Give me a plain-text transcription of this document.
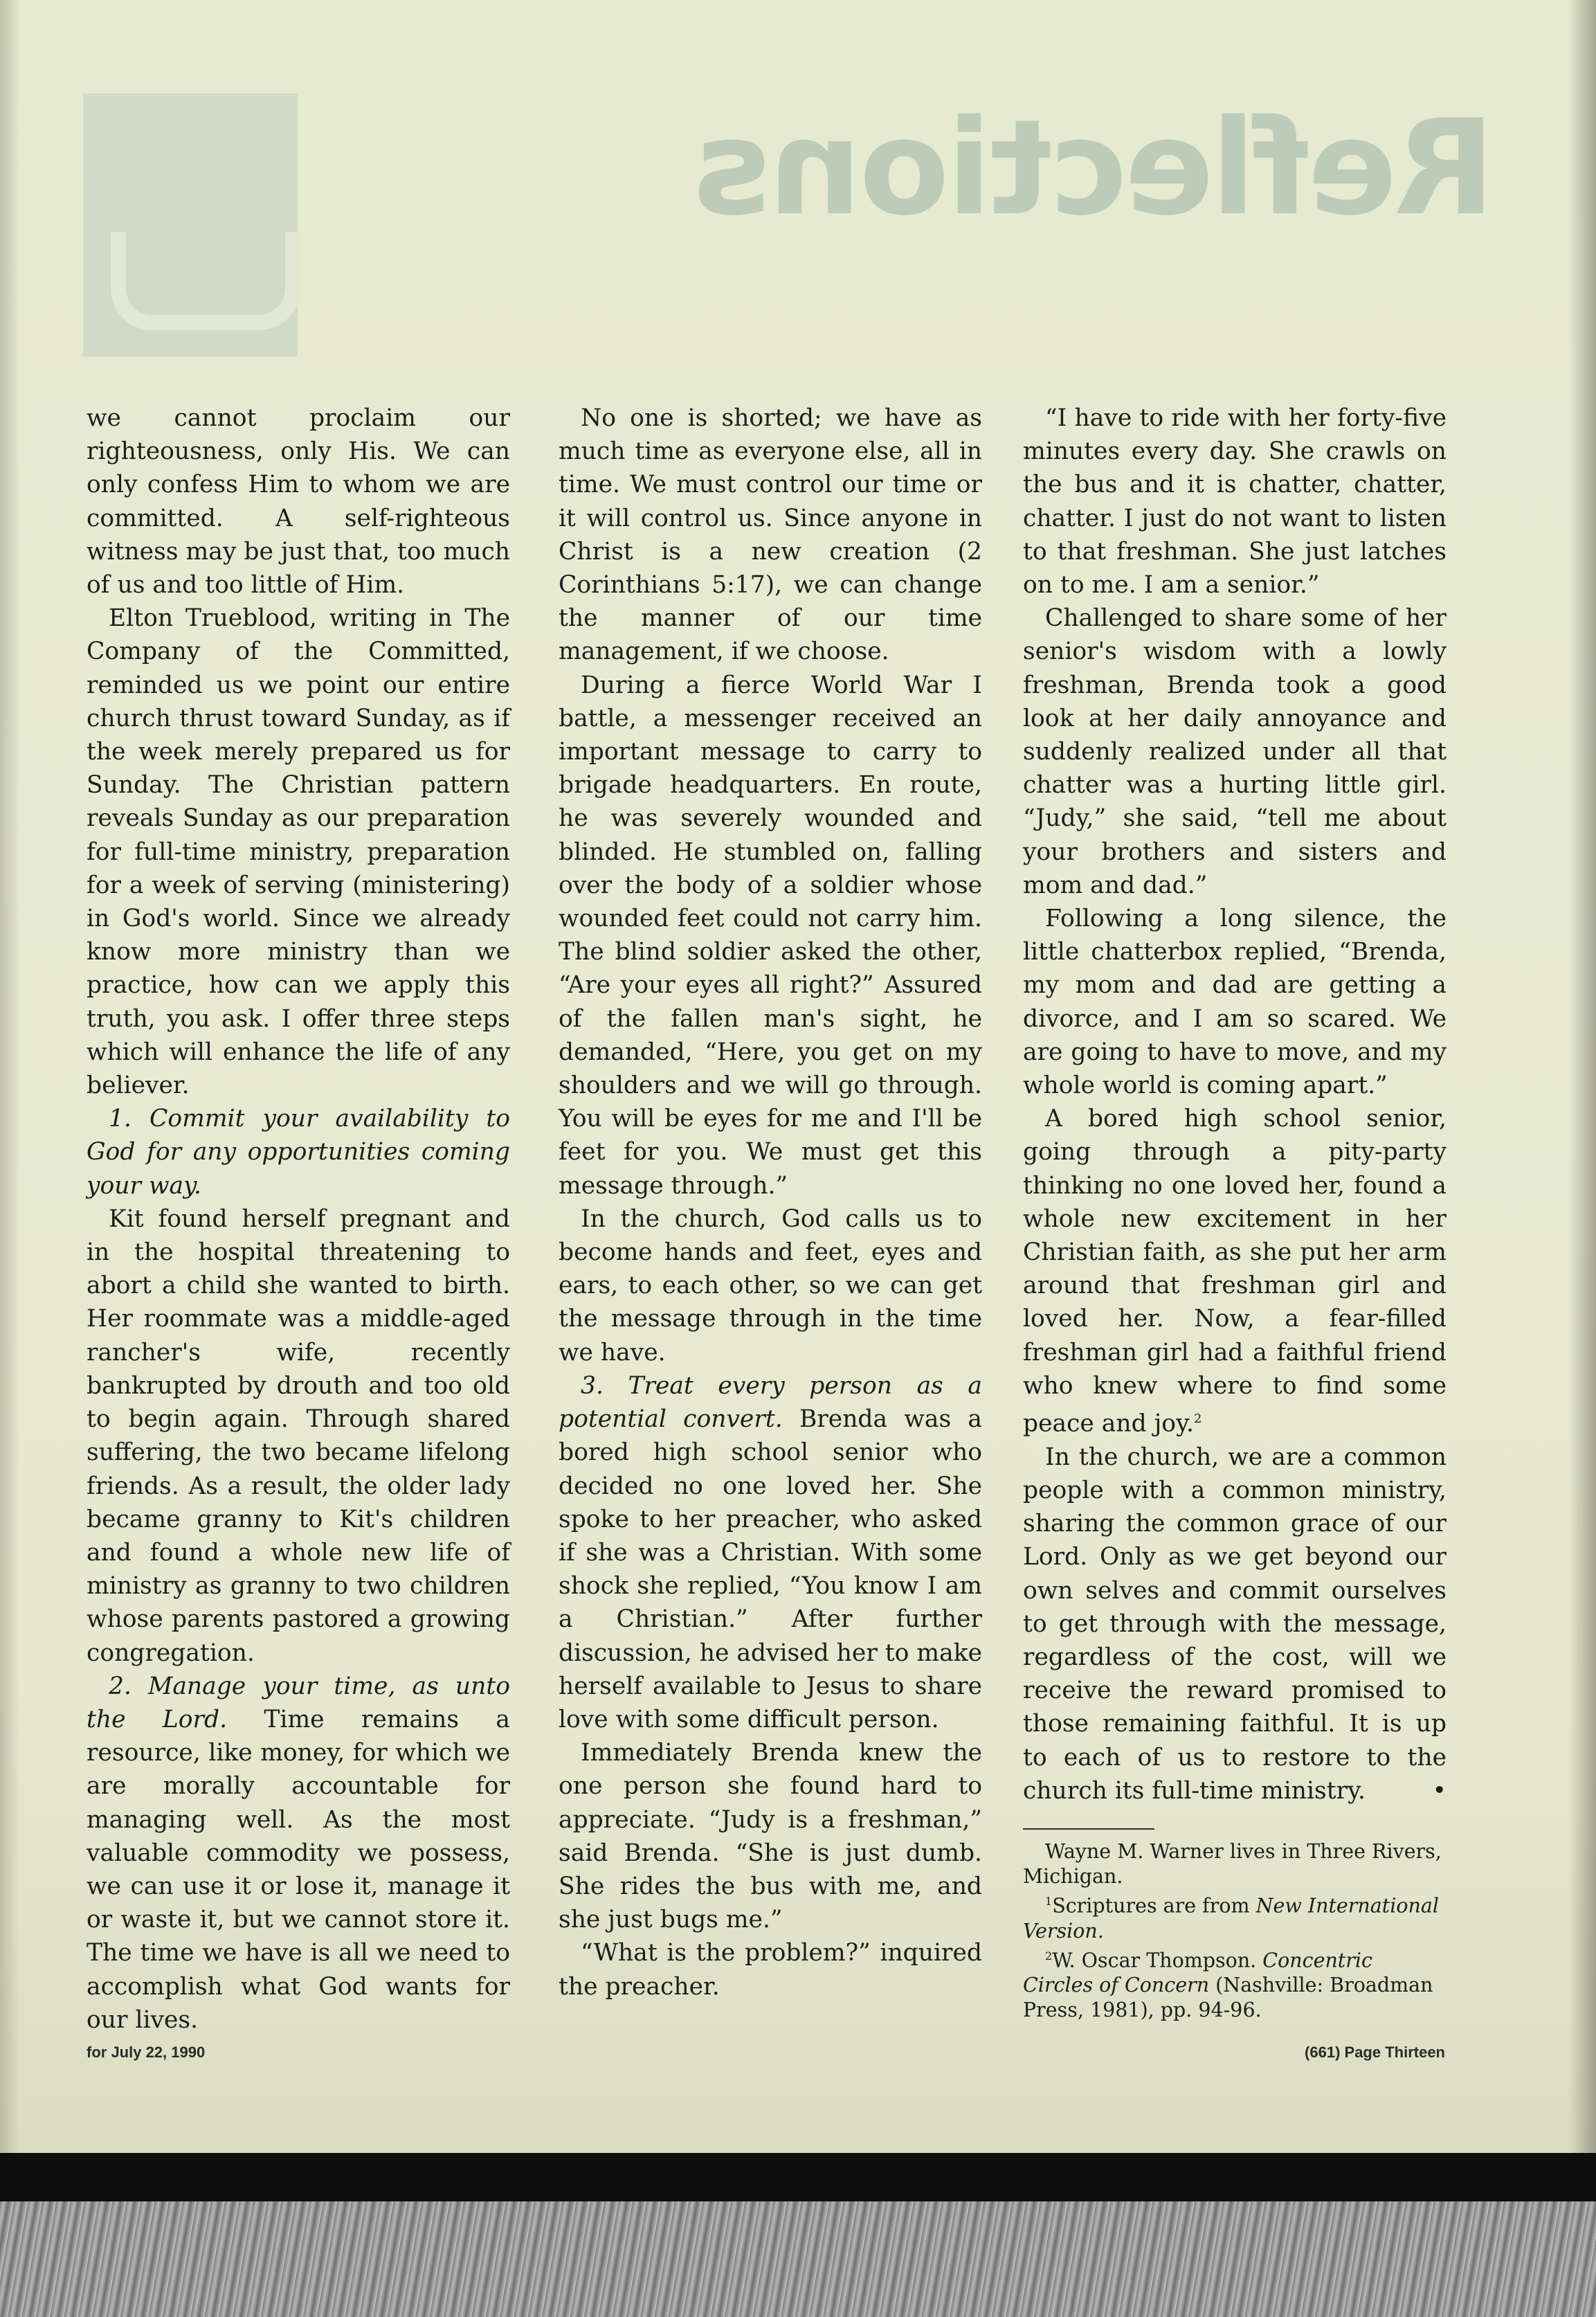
Reflections

we cannot proclaim our righteousness, only His. We can only confess Him to whom we are committed. A self-righteous witness may be just that, too much of us and too little of Him.

Elton Trueblood, writing in The Company of the Committed, reminded us we point our entire church thrust toward Sunday, as if the week merely prepared us for Sunday. The Christian pattern reveals Sunday as our preparation for full-time ministry, preparation for a week of serving (ministering) in God's world. Since we already know more ministry than we practice, how can we apply this truth, you ask. I offer three steps which will enhance the life of any believer.

1. Commit your availability to God for any opportunities coming your way.

Kit found herself pregnant and in the hospital threatening to abort a child she wanted to birth. Her roommate was a middle-aged rancher's wife, recently bankrupted by drouth and too old to begin again. Through shared suffering, the two became lifelong friends. As a result, the older lady became granny to Kit's children and found a whole new life of ministry as granny to two children whose parents pastored a growing congregation.

2. Manage your time, as unto the Lord. Time remains a resource, like money, for which we are morally accountable for managing well. As the most valuable commodity we possess, we can use it or lose it, manage it or waste it, but we cannot store it. The time we have is all we need to accomplish what God wants for our lives.

No one is shorted; we have as much time as everyone else, all in time. We must control our time or it will control us. Since anyone in Christ is a new creation (2 Corinthians 5:17), we can change the manner of our time management, if we choose.

During a fierce World War I battle, a messenger received an important message to carry to brigade headquarters. En route, he was severely wounded and blinded. He stumbled on, falling over the body of a soldier whose wounded feet could not carry him. The blind soldier asked the other, “Are your eyes all right?” Assured of the fallen man's sight, he demanded, “Here, you get on my shoulders and we will go through. You will be eyes for me and I'll be feet for you. We must get this message through.”

In the church, God calls us to become hands and feet, eyes and ears, to each other, so we can get the message through in the time we have.

3. Treat every person as a potential convert. Brenda was a bored high school senior who decided no one loved her. She spoke to her preacher, who asked if she was a Christian. With some shock she replied, “You know I am a Christian.” After further discussion, he advised her to make herself available to Jesus to share love with some difficult person.

Immediately Brenda knew the one person she found hard to appreciate. “Judy is a freshman,” said Brenda. “She is just dumb. She rides the bus with me, and she just bugs me.”

“What is the problem?” inquired the preacher.

“I have to ride with her forty-five minutes every day. She crawls on the bus and it is chatter, chatter, chatter. I just do not want to listen to that freshman. She just latches on to me. I am a senior.”

Challenged to share some of her senior's wisdom with a lowly freshman, Brenda took a good look at her daily annoyance and suddenly realized under all that chatter was a hurting little girl. “Judy,” she said, “tell me about your brothers and sisters and mom and dad.”

Following a long silence, the little chatterbox replied, “Brenda, my mom and dad are getting a divorce, and I am so scared. We are going to have to move, and my whole world is coming apart.”

A bored high school senior, going through a pity-party thinking no one loved her, found a whole new excitement in her Christian faith, as she put her arm around that freshman girl and loved her. Now, a fear-filled freshman girl had a faithful friend who knew where to find some peace and joy.$^2$

In the church, we are a common people with a common ministry, sharing the common grace of our Lord. Only as we get beyond our own selves and commit ourselves to get through with the message, regardless of the cost, will we receive the reward promised to those remaining faithful. It is up to each of us to restore to the church its full-time ministry.	•

Wayne M. Warner lives in Three Rivers, Michigan.

$^1$Scriptures are from New International Version.

$^2$W. Oscar Thompson. Concentric Circles of Concern (Nashville: Broadman Press, 1981), pp. 94-96.

for July 22, 1990	(661) Page Thirteen
